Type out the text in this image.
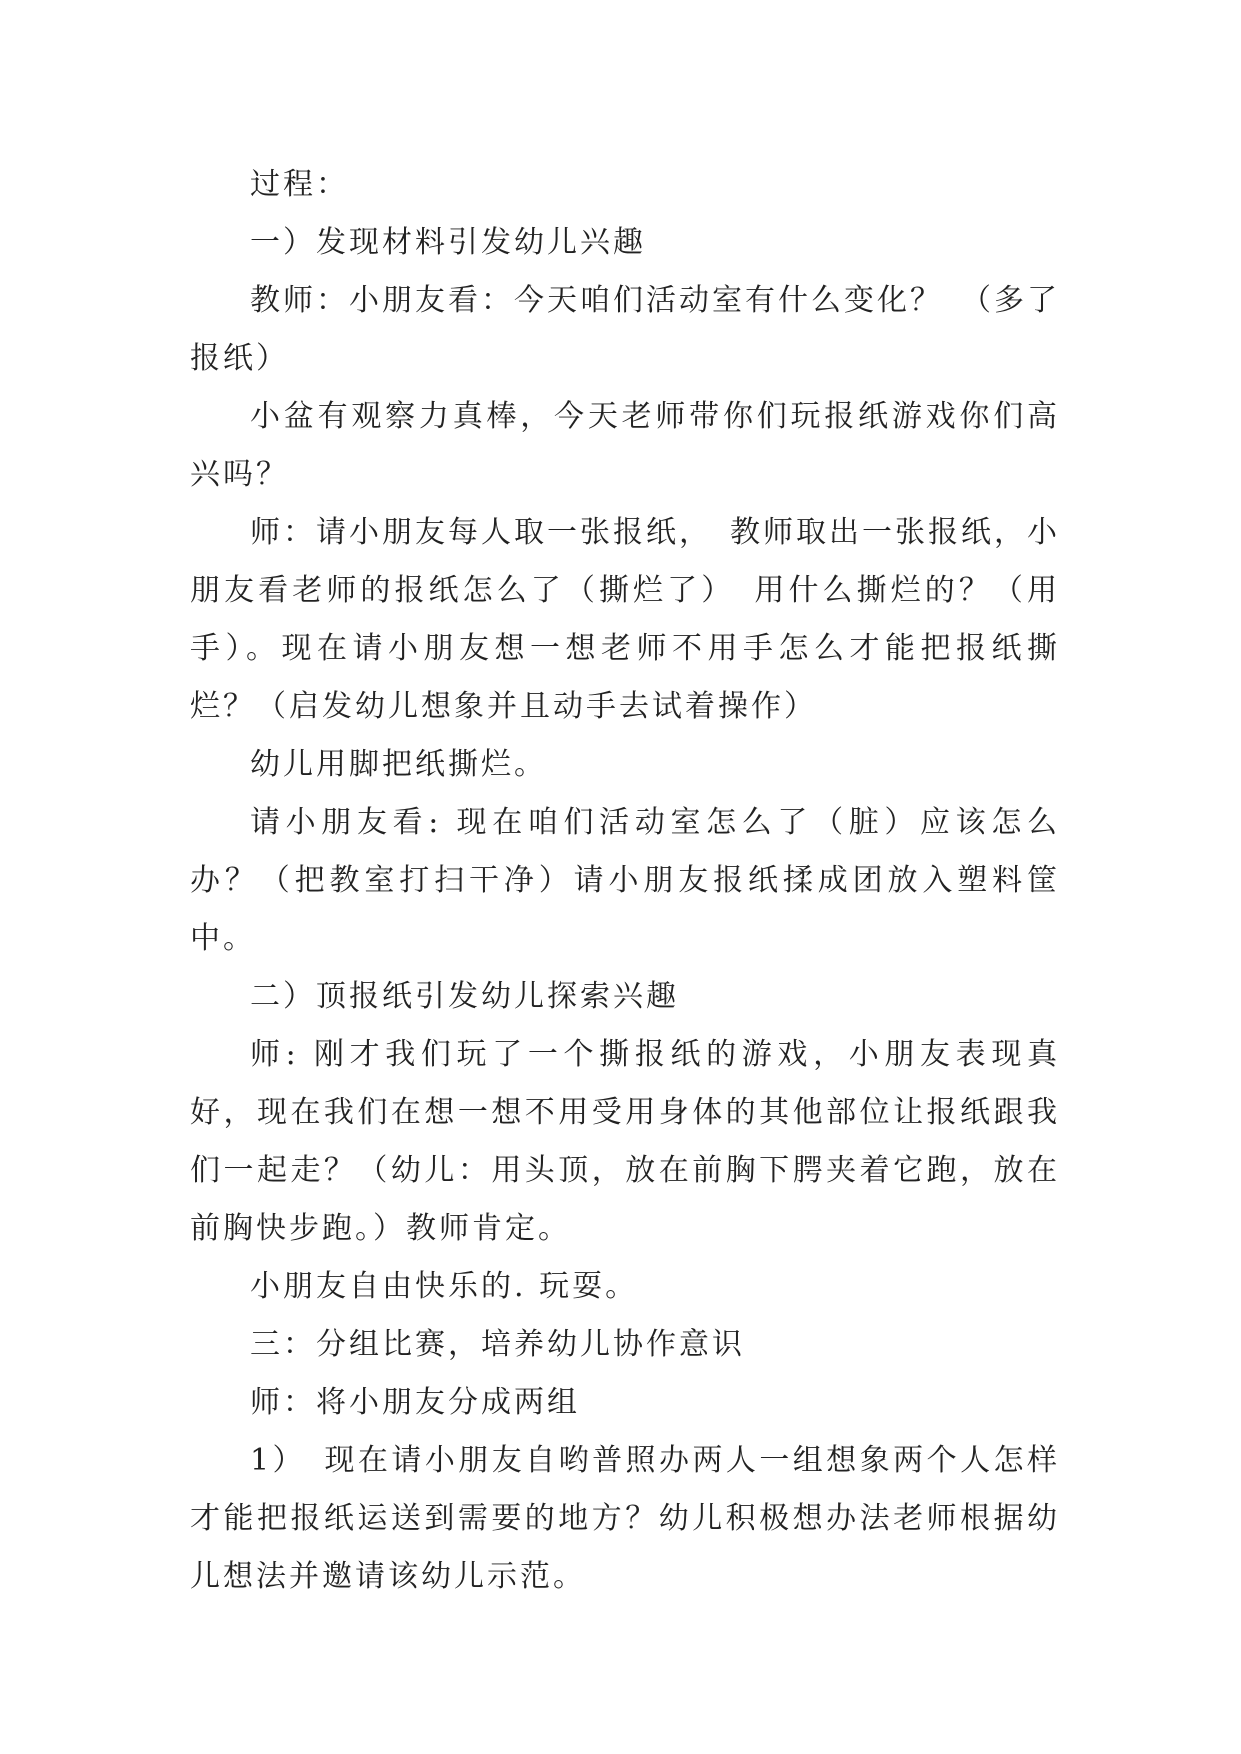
过程：

一）发现材料引发幼儿兴趣

教师：小朋友看：今天咱们活动室有什么变化？　（多了报纸）

小盆有观察力真棒，今天老师带你们玩报纸游戏你们高兴吗？

师：请小朋友每人取一张报纸，　教师取出一张报纸，小朋友看老师的报纸怎么了（撕烂了）　用什么撕烂的？（用手）。现在请小朋友想一想老师不用手怎么才能把报纸撕烂？（启发幼儿想象并且动手去试着操作）

幼儿用脚把纸撕烂。

请小朋友看: 现在咱们活动室怎么了（脏）应该怎么办？（把教室打扫干净）请小朋友报纸揉成团放入塑料筐中。

二）顶报纸引发幼儿探索兴趣

师: 刚才我们玩了一个撕报纸的游戏，小朋友表现真好，现在我们在想一想不用受用身体的其他部位让报纸跟我们一起走？（幼儿：用头顶，放在前胸下腭夹着它跑，放在前胸快步跑。）教师肯定。

小朋友自由快乐的. 玩耍。

三：分组比赛，培养幼儿协作意识

师：将小朋友分成两组

1）　现在请小朋友自哟普照办两人一组想象两个人怎样才能把报纸运送到需要的地方？幼儿积极想办法老师根据幼儿想法并邀请该幼儿示范。
